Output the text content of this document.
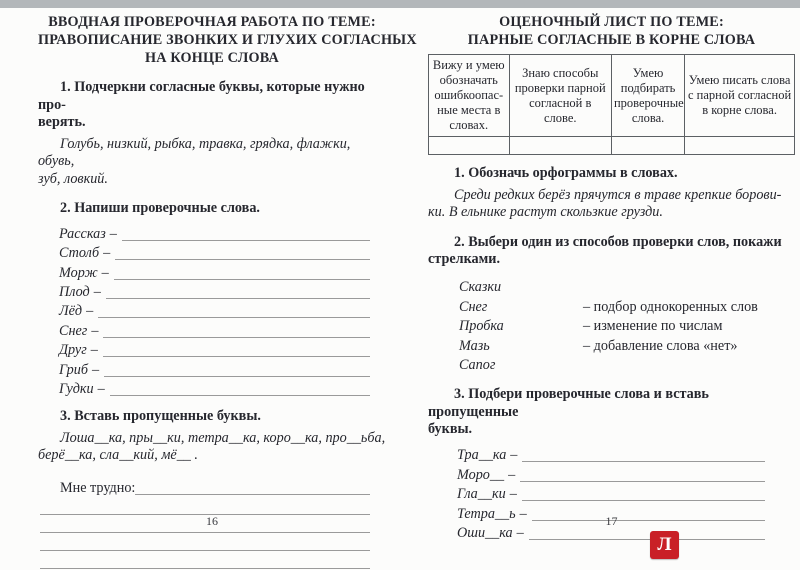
ВВОДНАЯ ПРОВЕРОЧНАЯ РАБОТА ПО ТЕМЕ:
ПРАВОПИСАНИЕ ЗВОНКИХ И ГЛУХИХ СОГЛАСНЫХ
НА КОНЦЕ СЛОВА
1. Подчеркни согласные буквы, которые нужно про-
верять.
Голубь, низкий, рыбка, травка, грядка, флажки, обувь,
зуб, ловкий.
2. Напиши проверочные слова.
Рассказ –
Столб –
Морж –
Плод –
Лёд –
Снег –
Друг –
Гриб –
Гудки –
3. Вставь пропущенные буквы.
Лоша__ка, пры__ки, тетра__ка, коро__ка, про__ьба,
берё__ка, сла__кий, мё__ .
Мне трудно:
ОЦЕНОЧНЫЙ ЛИСТ ПО ТЕМЕ:
ПАРНЫЕ СОГЛАСНЫЕ В КОРНЕ СЛОВА
Вижу и умею обозначать ошибкоопас- ные места в словах.	Знаю способы проверки парной согласной в слове.	Умею подбирать проверочные слова.	Умею писать слова с парной согласной в корне слова.

1. Обозначь орфограммы в словах.
Среди редких берёз прячутся в траве крепкие борови-
ки. В ельнике растут скользкие грузди.
2. Выбери один из способов проверки слов, покажи
стрелками.
Сказки
Снег	– подбор однокоренных слов
Пробка	– изменение по числам
Мазь	– добавление слова «нет»
Сапог
3. Подбери проверочные слова и вставь пропущенные
буквы.
Тра__ка –
Моро__ –
Гла__ки –
Тетра__ь –
Оши__ка –
16	17
Л
